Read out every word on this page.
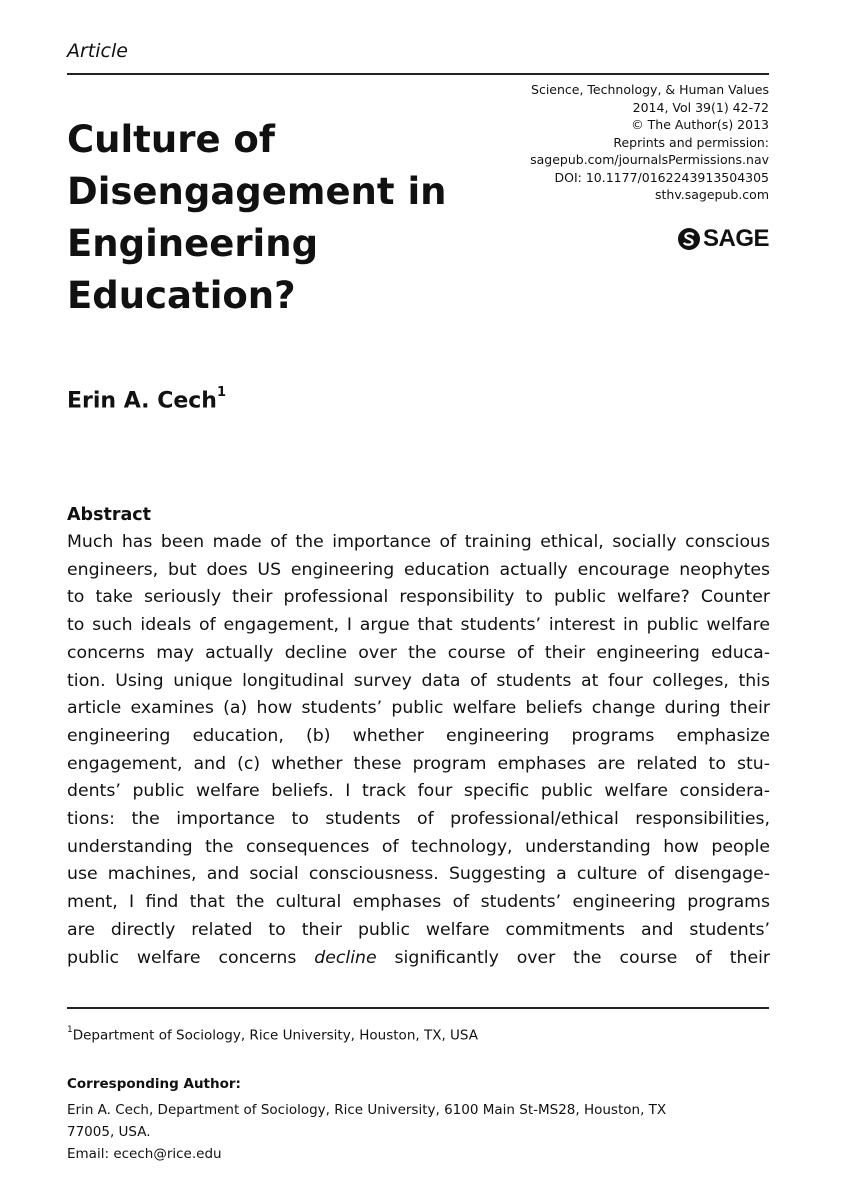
Article
Science, Technology, & Human Values
2014, Vol 39(1) 42-72
© The Author(s) 2013
Reprints and permission:
sagepub.com/journalsPermissions.nav
DOI: 10.1177/0162243913504305
sthv.sagepub.com
SAGE
Culture of
Disengagement in
Engineering
Education?
Erin A. Cech$^1$
Abstract
Much has been made of the importance of training ethical, socially conscious
engineers, but does US engineering education actually encourage neophytes
to take seriously their professional responsibility to public welfare? Counter
to such ideals of engagement, I argue that students’ interest in public welfare
concerns may actually decline over the course of their engineering educa-
tion. Using unique longitudinal survey data of students at four colleges, this
article examines (a) how students’ public welfare beliefs change during their
engineering education, (b) whether engineering programs emphasize
engagement, and (c) whether these program emphases are related to stu-
dents’ public welfare beliefs. I track four specific public welfare considera-
tions: the importance to students of professional/ethical responsibilities,
understanding the consequences of technology, understanding how people
use machines, and social consciousness. Suggesting a culture of disengage-
ment, I find that the cultural emphases of students’ engineering programs
are directly related to their public welfare commitments and students’
public welfare concerns decline significantly over the course of their
$^1$Department of Sociology, Rice University, Houston, TX, USA
Corresponding Author:
Erin A. Cech, Department of Sociology, Rice University, 6100 Main St-MS28, Houston, TX
77005, USA.
Email: ecech@rice.edu
